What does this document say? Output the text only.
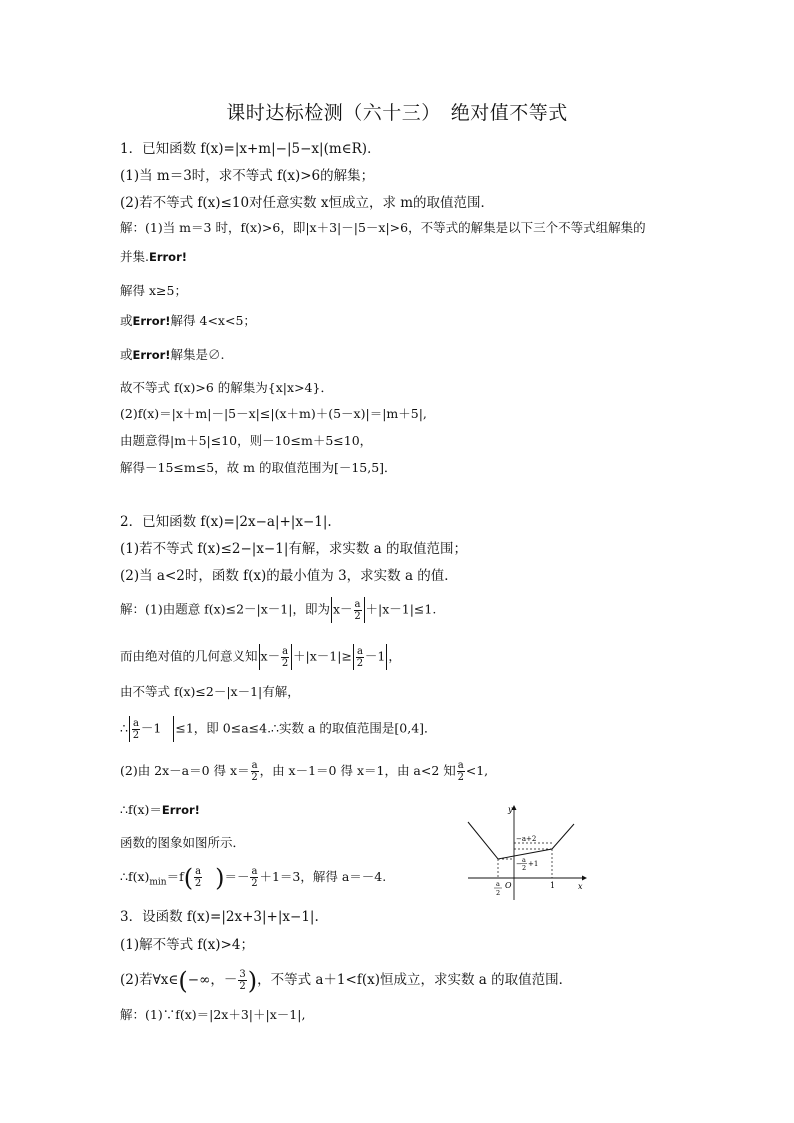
课时达标检测（六十三）　绝对值不等式
1．已知函数 f(x)=|x+m|−|5−x|(m∈R)．
(1)当 m＝3时，求不等式 f(x)>6的解集；
(2)若不等式 f(x)≤10对任意实数 x恒成立，求 m的取值范围．
解：(1)当 m＝3 时，f(x)>6，即|x＋3|－|5－x|>6，不等式的解集是以下三个不等式组解集的
并集.Error!
解得 x≥5；
或Error!解得 4<x<5；
或Error!解集是∅.
故不等式 f(x)>6 的解集为{x|x>4}．
(2)f(x)＝|x＋m|－|5－x|≤|(x＋m)＋(5－x)|＝|m＋5|,
由题意得|m＋5|≤10，则－10≤m＋5≤10，
解得－15≤m≤5，故 m 的取值范围为[－15,5]．
2．已知函数 f(x)=|2x−a|+|x−1|.
(1)若不等式 f(x)≤2−|x−1|有解，求实数 a 的取值范围；
(2)当 a<2时，函数 f(x)的最小值为 3，求实数 a 的值．
解：(1)由题意 f(x)≤2－|x－1|，即为 $x- \frac{a}{2} +|x-1|\le 1$.
而由绝对值的几何意义知 $x- \frac{a}{2} +|x-1|\ge \frac{a}{2} -1$ ，
由不等式 f(x)≤2－|x－1|有解，
∴ $\frac{a}{2} -1 \le 1$，即 0≤a≤4.∴实数 a 的取值范围是[0,4]．
(2)由 2x－a＝0 得 $x= \frac{a}{2}$ ，由 x－1＝0 得 x＝1，由 a<2 知 $\frac{a}{2} <1$,
∴f(x)＝Error!
函数的图象如图所示．
$\therefore f(x)_{min}=f( \frac{a}{2}$ )＝－ $\frac{a}{2} +1=3$，解得 a＝－4.
y
x
O
−a+2
− a
2 +1
a
2
1
3．设函数 f(x)=|2x+3|+|x−1|.
(1)解不等式 f(x)>4；
(2)若∀x∈(−∞，－ $\frac{3}{2}$ )，不等式 a＋1<f(x)恒成立，求实数 a 的取值范围．
解：(1)∵f(x)＝|2x＋3|＋|x－1|,
